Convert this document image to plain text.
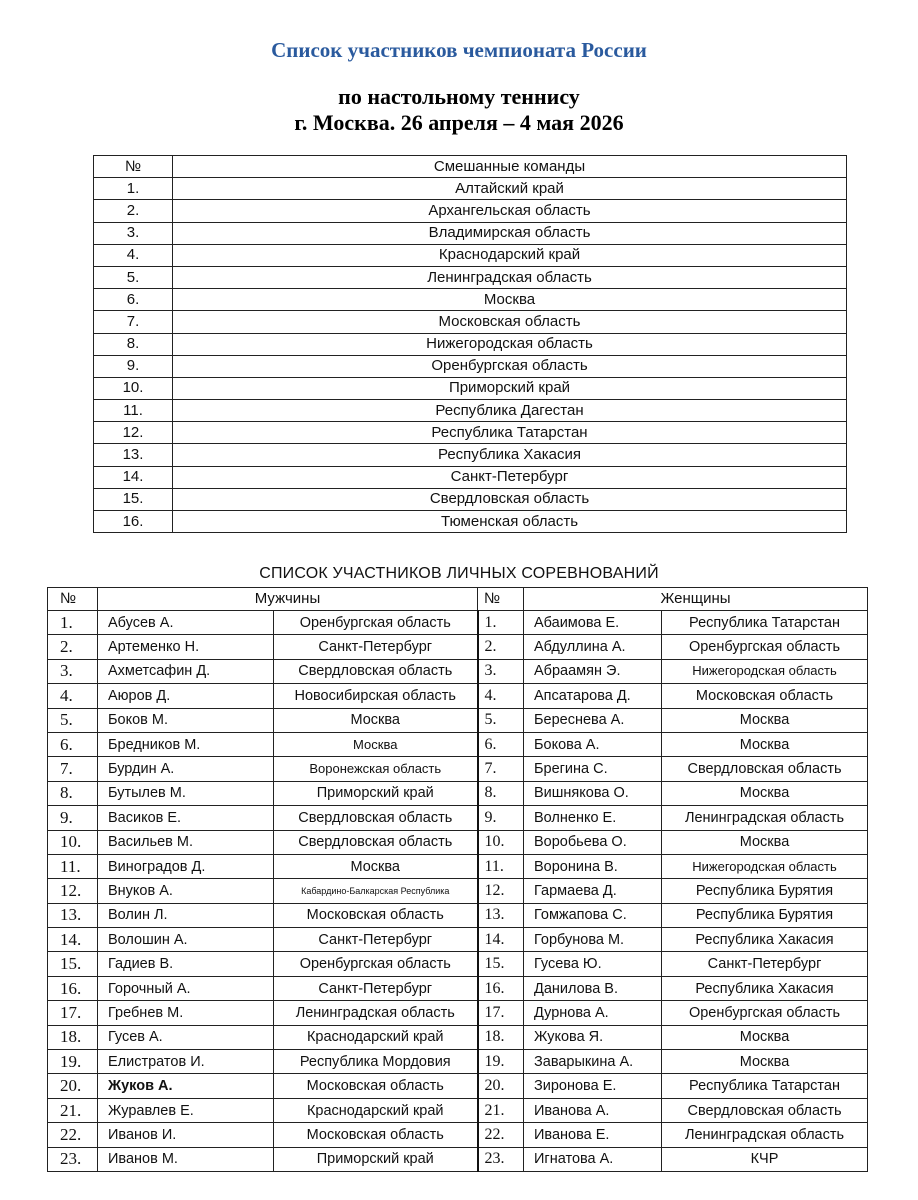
Список участников чемпионата России
по настольному теннису
г. Москва. 26 апреля – 4 мая 2026
№	Смешанные команды
1.	Алтайский край
2.	Архангельская область
3.	Владимирская область
4.	Краснодарский край
5.	Ленинградская область
6.	Москва
7.	Московская область
8.	Нижегородская область
9.	Оренбургская область
10.	Приморский край
11.	Республика Дагестан
12.	Республика Татарстан
13.	Республика Хакасия
14.	Санкт-Петербург
15.	Свердловская область
16.	Тюменская область
СПИСОК УЧАСТНИКОВ ЛИЧНЫХ СОРЕВНОВАНИЙ
№	Мужчины		№	Женщины	
1.	Абусев А.	Оренбургская область	1.	Абаимова Е.	Республика Татарстан
2.	Артеменко Н.	Санкт-Петербург	2.	Абдуллина А.	Оренбургская область
3.	Ахметсафин Д.	Свердловская область	3.	Абраамян Э.	Нижегородская область
4.	Аюров Д.	Новосибирская область	4.	Апсатарова Д.	Московская область
5.	Боков М.	Москва	5.	Береснева А.	Москва
6.	Бредников М.	Москва	6.	Бокова А.	Москва
7.	Бурдин А.	Воронежская область	7.	Брегина С.	Свердловская область
8.	Бутылев М.	Приморский край	8.	Вишнякова О.	Москва
9.	Васиков Е.	Свердловская область	9.	Волненко Е.	Ленинградская область
10.	Васильев М.	Свердловская область	10.	Воробьева О.	Москва
11.	Виноградов Д.	Москва	11.	Воронина В.	Нижегородская область
12.	Внуков А.	Кабардино-Балкарская Республика	12.	Гармаева Д.	Республика Бурятия
13.	Волин Л.	Московская область	13.	Гомжапова С.	Республика Бурятия
14.	Волошин А.	Санкт-Петербург	14.	Горбунова М.	Республика Хакасия
15.	Гадиев В.	Оренбургская область	15.	Гусева Ю.	Санкт-Петербург
16.	Горочный А.	Санкт-Петербург	16.	Данилова В.	Республика Хакасия
17.	Гребнев М.	Ленинградская область	17.	Дурнова А.	Оренбургская область
18.	Гусев А.	Краснодарский край	18.	Жукова Я.	Москва
19.	Елистратов И.	Республика Мордовия	19.	Заварыкина А.	Москва
20.	Жуков А.	Московская область	20.	Зиронова Е.	Республика Татарстан
21.	Журавлев Е.	Краснодарский край	21.	Иванова А.	Свердловская область
22.	Иванов И.	Московская область	22.	Иванова Е.	Ленинградская область
23.	Иванов М.	Приморский край	23.	Игнатова А.	КЧР
